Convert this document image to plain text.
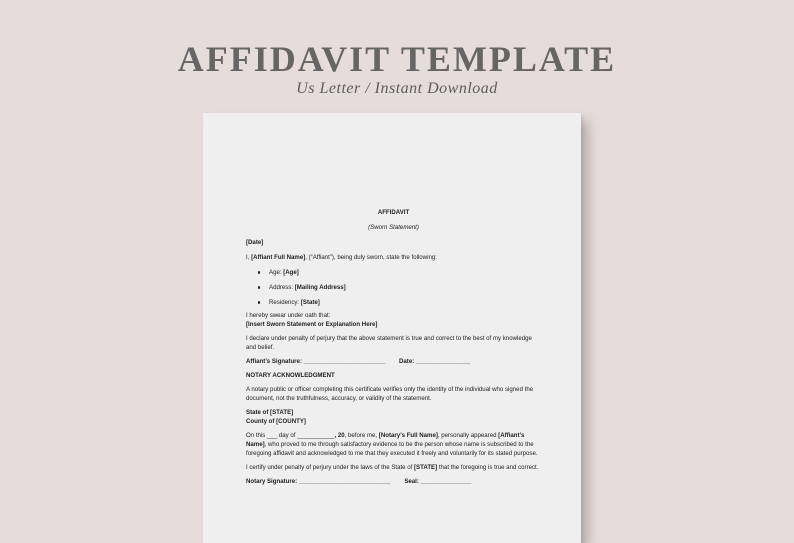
AFFIDAVIT TEMPLATE
Us Letter / Instant Download

AFFIDAVIT

(Sworn Statement)

[Date]

I, [Affiant Full Name], (“Affiant”), being duly sworn, state the following:

Age: [Age]
Address: [Mailing Address]
Residency: [State]

I hereby swear under oath that:

[Insert Sworn Statement or Explanation Here]

I declare under penalty of perjury that the above statement is true and correct to the best of my knowledge and belief.

Affiant’s Signature: ________________________ Date: ________________

NOTARY ACKNOWLEDGMENT

A notary public or officer completing this certificate verifies only the identity of the individual who signed the document, not the truthfulness, accuracy, or validity of the statement.

State of [STATE]

County of [COUNTY]

On this ___ day of ___________, 20, before me, [Notary’s Full Name], personally appeared [Affiant’s Name], who proved to me through satisfactory evidence to be the person whose name is subscribed to the foregoing affidavit and acknowledged to me that they executed it freely and voluntarily for its stated purpose.

I certify under penalty of perjury under the laws of the State of [STATE] that the foregoing is true and correct.

Notary Signature: ___________________________ Seal: _______________
